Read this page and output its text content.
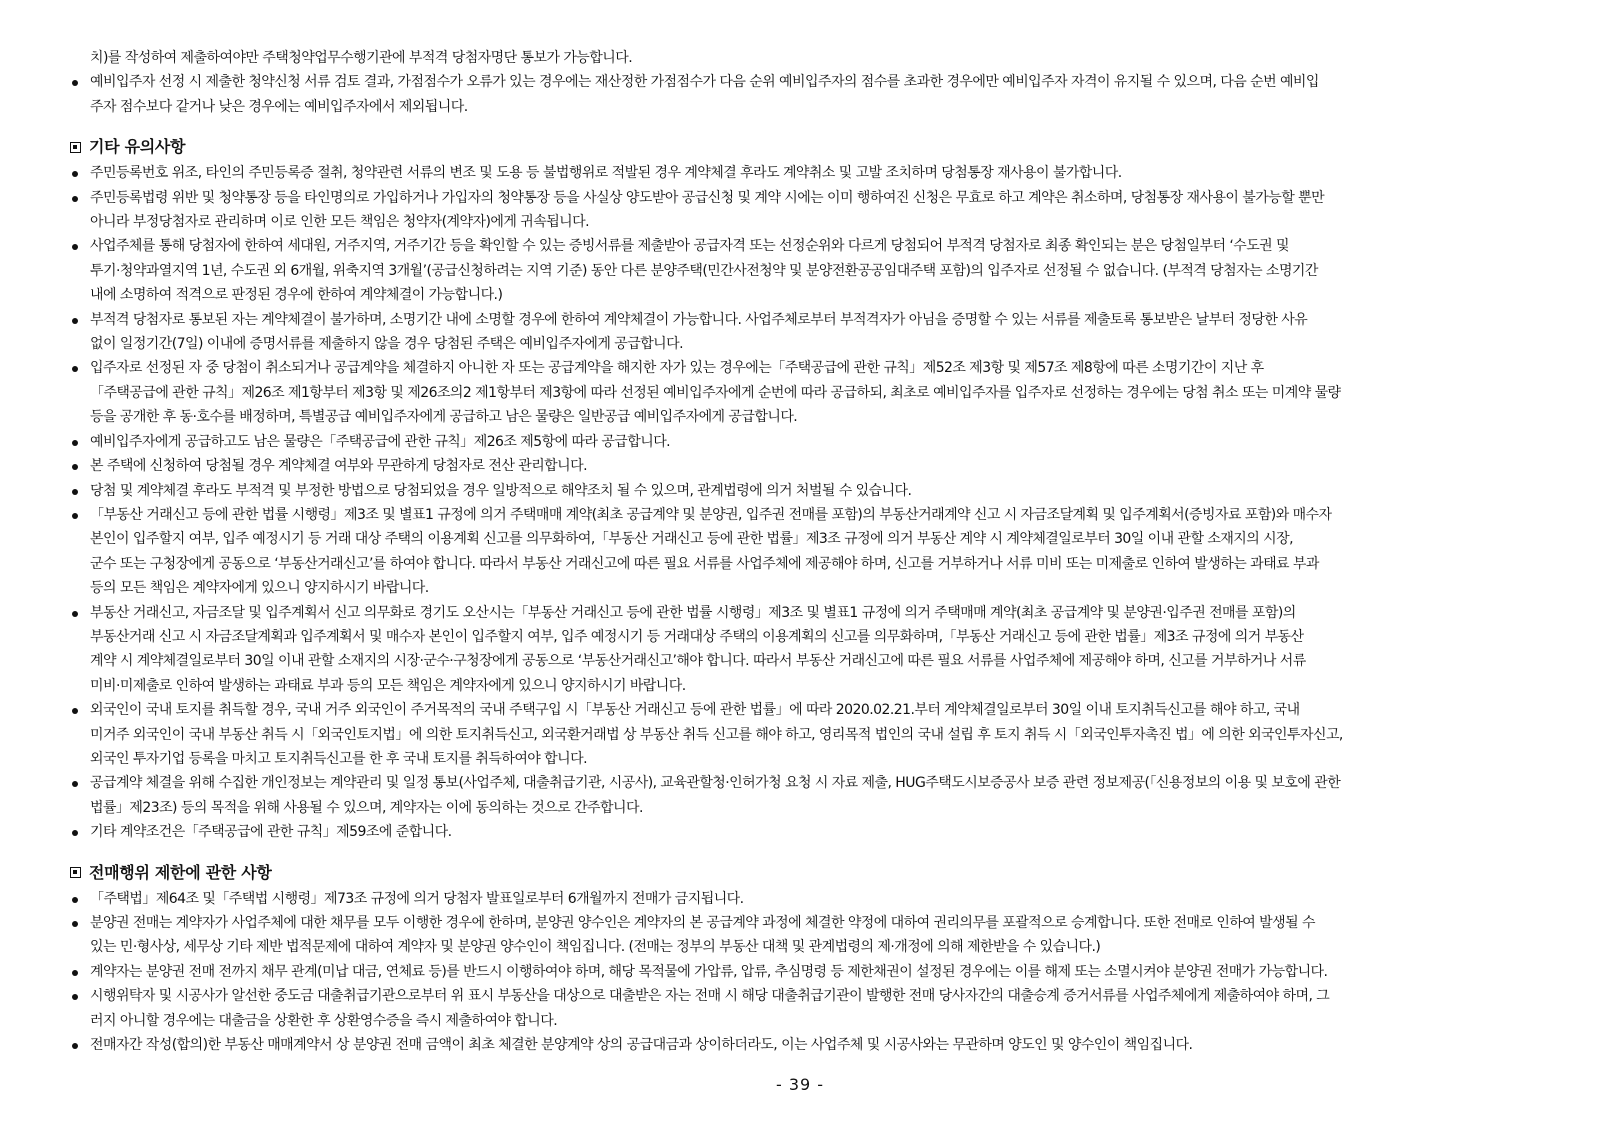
치)를 작성하여 제출하여야만 주택청약업무수행기관에 부적격 당첨자명단 통보가 가능합니다.
예비입주자 선정 시 제출한 청약신청 서류 검토 결과, 가점점수가 오류가 있는 경우에는 재산정한 가점점수가 다음 순위 예비입주자의 점수를 초과한 경우에만 예비입주자 자격이 유지될 수 있으며, 다음 순번 예비입
주자 점수보다 같거나 낮은 경우에는 예비입주자에서 제외됩니다.
기타 유의사항
주민등록번호 위조, 타인의 주민등록증 절취, 청약관련 서류의 변조 및 도용 등 불법행위로 적발된 경우 계약체결 후라도 계약취소 및 고발 조치하며 당첨통장 재사용이 불가합니다.
주민등록법령 위반 및 청약통장 등을 타인명의로 가입하거나 가입자의 청약통장 등을 사실상 양도받아 공급신청 및 계약 시에는 이미 행하여진 신청은 무효로 하고 계약은 취소하며, 당첨통장 재사용이 불가능할 뿐만
아니라 부정당첨자로 관리하며 이로 인한 모든 책임은 청약자(계약자)에게 귀속됩니다.
사업주체를 통해 당첨자에 한하여 세대원, 거주지역, 거주기간 등을 확인할 수 있는 증빙서류를 제출받아 공급자격 또는 선정순위와 다르게 당첨되어 부적격 당첨자로 최종 확인되는 분은 당첨일부터 ‘수도권 및
투기·청약과열지역 1년, 수도권 외 6개월, 위축지역 3개월’(공급신청하려는 지역 기준) 동안 다른 분양주택(민간사전청약 및 분양전환공공임대주택 포함)의 입주자로 선정될 수 없습니다. (부적격 당첨자는 소명기간
내에 소명하여 적격으로 판정된 경우에 한하여 계약체결이 가능합니다.)
부적격 당첨자로 통보된 자는 계약체결이 불가하며, 소명기간 내에 소명할 경우에 한하여 계약체결이 가능합니다. 사업주체로부터 부적격자가 아님을 증명할 수 있는 서류를 제출토록 통보받은 날부터 정당한 사유
없이 일정기간(7일) 이내에 증명서류를 제출하지 않을 경우 당첨된 주택은 예비입주자에게 공급합니다.
입주자로 선정된 자 중 당첨이 취소되거나 공급계약을 체결하지 아니한 자 또는 공급계약을 해지한 자가 있는 경우에는「주택공급에 관한 규칙」제52조 제3항 및 제57조 제8항에 따른 소명기간이 지난 후
「주택공급에 관한 규칙」제26조 제1항부터 제3항 및 제26조의2 제1항부터 제3항에 따라 선정된 예비입주자에게 순번에 따라 공급하되, 최초로 예비입주자를 입주자로 선정하는 경우에는 당첨 취소 또는 미계약 물량
등을 공개한 후 동·호수를 배정하며, 특별공급 예비입주자에게 공급하고 남은 물량은 일반공급 예비입주자에게 공급합니다.
예비입주자에게 공급하고도 남은 물량은「주택공급에 관한 규칙」제26조 제5항에 따라 공급합니다.
본 주택에 신청하여 당첨될 경우 계약체결 여부와 무관하게 당첨자로 전산 관리합니다.
당첨 및 계약체결 후라도 부적격 및 부정한 방법으로 당첨되었을 경우 일방적으로 해약조치 될 수 있으며, 관계법령에 의거 처벌될 수 있습니다.
「부동산 거래신고 등에 관한 법률 시행령」제3조 및 별표1 규정에 의거 주택매매 계약(최초 공급계약 및 분양권, 입주권 전매를 포함)의 부동산거래계약 신고 시 자금조달계획 및 입주계획서(증빙자료 포함)와 매수자
본인이 입주할지 여부, 입주 예정시기 등 거래 대상 주택의 이용계획 신고를 의무화하여,「부동산 거래신고 등에 관한 법률」제3조 규정에 의거 부동산 계약 시 계약체결일로부터 30일 이내 관할 소재지의 시장,
군수 또는 구청장에게 공동으로 ‘부동산거래신고’를 하여야 합니다. 따라서 부동산 거래신고에 따른 필요 서류를 사업주체에 제공해야 하며, 신고를 거부하거나 서류 미비 또는 미제출로 인하여 발생하는 과태료 부과
등의 모든 책임은 계약자에게 있으니 양지하시기 바랍니다.
부동산 거래신고, 자금조달 및 입주계획서 신고 의무화로 경기도 오산시는「부동산 거래신고 등에 관한 법률 시행령」제3조 및 별표1 규정에 의거 주택매매 계약(최초 공급계약 및 분양권·입주권 전매를 포함)의
부동산거래 신고 시 자금조달계획과 입주계획서 및 매수자 본인이 입주할지 여부, 입주 예정시기 등 거래대상 주택의 이용계획의 신고를 의무화하며,「부동산 거래신고 등에 관한 법률」제3조 규정에 의거 부동산
계약 시 계약체결일로부터 30일 이내 관할 소재지의 시장·군수·구청장에게 공동으로 ‘부동산거래신고’해야 합니다. 따라서 부동산 거래신고에 따른 필요 서류를 사업주체에 제공해야 하며, 신고를 거부하거나 서류
미비·미제출로 인하여 발생하는 과태료 부과 등의 모든 책임은 계약자에게 있으니 양지하시기 바랍니다.
외국인이 국내 토지를 취득할 경우, 국내 거주 외국인이 주거목적의 국내 주택구입 시「부동산 거래신고 등에 관한 법률」에 따라 2020.02.21.부터 계약체결일로부터 30일 이내 토지취득신고를 해야 하고, 국내
미거주 외국인이 국내 부동산 취득 시「외국인토지법」에 의한 토지취득신고, 외국환거래법 상 부동산 취득 신고를 해야 하고, 영리목적 법인의 국내 설립 후 토지 취득 시「외국인투자촉진 법」에 의한 외국인투자신고,
외국인 투자기업 등록을 마치고 토지취득신고를 한 후 국내 토지를 취득하여야 합니다.
공급계약 체결을 위해 수집한 개인정보는 계약관리 및 일정 통보(사업주체, 대출취급기관, 시공사), 교육관할청·인허가청 요청 시 자료 제출, HUG주택도시보증공사 보증 관련 정보제공(「신용정보의 이용 및 보호에 관한
법률」제23조) 등의 목적을 위해 사용될 수 있으며, 계약자는 이에 동의하는 것으로 간주합니다.
기타 계약조건은「주택공급에 관한 규칙」제59조에 준합니다.
전매행위 제한에 관한 사항
「주택법」제64조 및「주택법 시행령」제73조 규정에 의거 당첨자 발표일로부터 6개월까지 전매가 금지됩니다.
분양권 전매는 계약자가 사업주체에 대한 채무를 모두 이행한 경우에 한하며, 분양권 양수인은 계약자의 본 공급계약 과정에 체결한 약정에 대하여 권리의무를 포괄적으로 승계합니다. 또한 전매로 인하여 발생될 수
있는 민·형사상, 세무상 기타 제반 법적문제에 대하여 계약자 및 분양권 양수인이 책임집니다. (전매는 정부의 부동산 대책 및 관계법령의 제·개정에 의해 제한받을 수 있습니다.)
계약자는 분양권 전매 전까지 채무 관계(미납 대금, 연체료 등)를 반드시 이행하여야 하며, 해당 목적물에 가압류, 압류, 추심명령 등 제한채권이 설정된 경우에는 이를 해제 또는 소멸시켜야 분양권 전매가 가능합니다.
시행위탁자 및 시공사가 알선한 중도금 대출취급기관으로부터 위 표시 부동산을 대상으로 대출받은 자는 전매 시 해당 대출취급기관이 발행한 전매 당사자간의 대출승계 증거서류를 사업주체에게 제출하여야 하며, 그
러지 아니할 경우에는 대출금을 상환한 후 상환영수증을 즉시 제출하여야 합니다.
전매자간 작성(합의)한 부동산 매매계약서 상 분양권 전매 금액이 최초 체결한 분양계약 상의 공급대금과 상이하더라도, 이는 사업주체 및 시공사와는 무관하며 양도인 및 양수인이 책임집니다.
- 39 -
